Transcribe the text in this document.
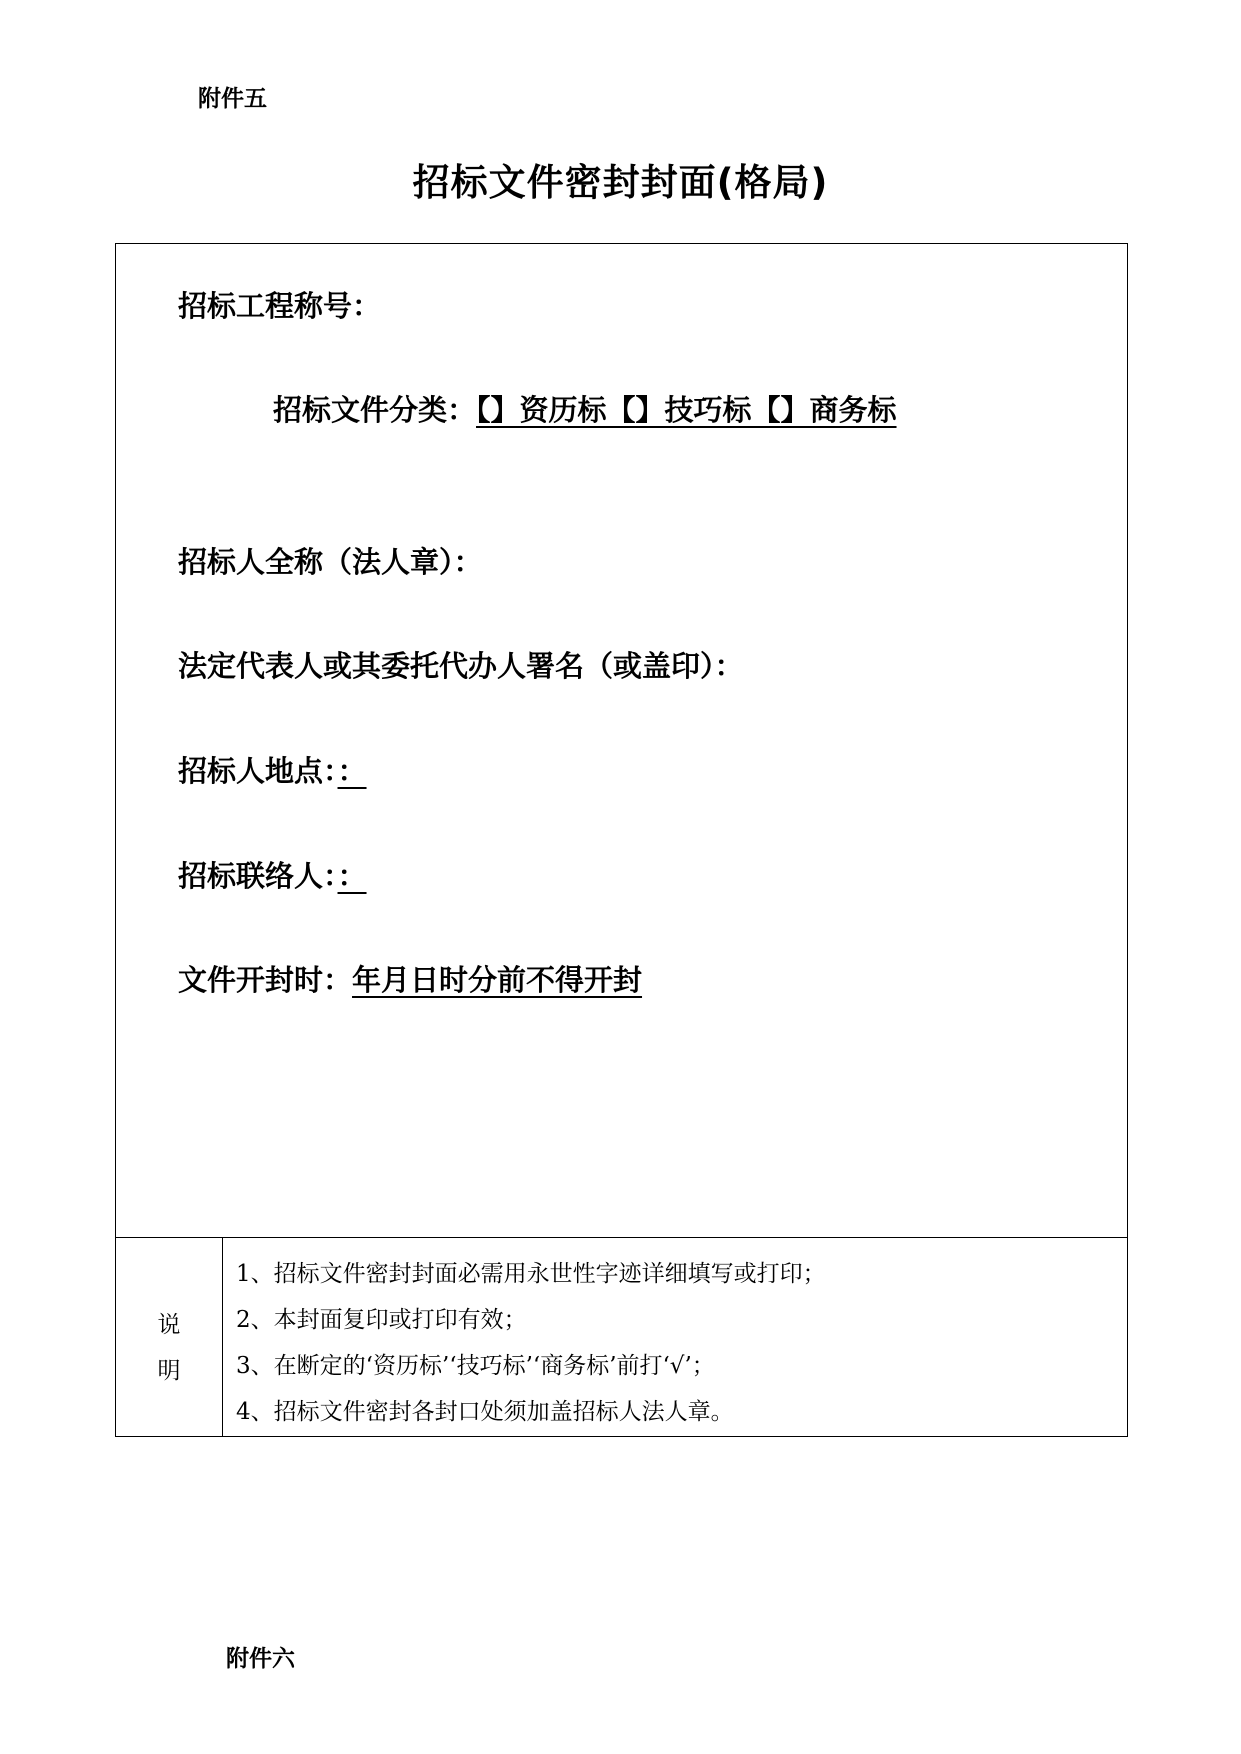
附件五
招标文件密封封面(格局)
招标工程称号：
招标文件分类：【】资历标【】技巧标【】商务标
招标人全称（法人章）：
法定代表人或其委托代办人署名（或盖印）：
招标人地点：：
招标联络人：：
文件开封时：年月日时分前不得开封
说
明
1、招标文件密封封面必需用永世性字迹详细填写或打印；
2、本封面复印或打印有效；
3、在断定的‘资历标’‘技巧标’‘商务标’前打‘√’；
4、招标文件密封各封口处须加盖招标人法人章。
附件六
